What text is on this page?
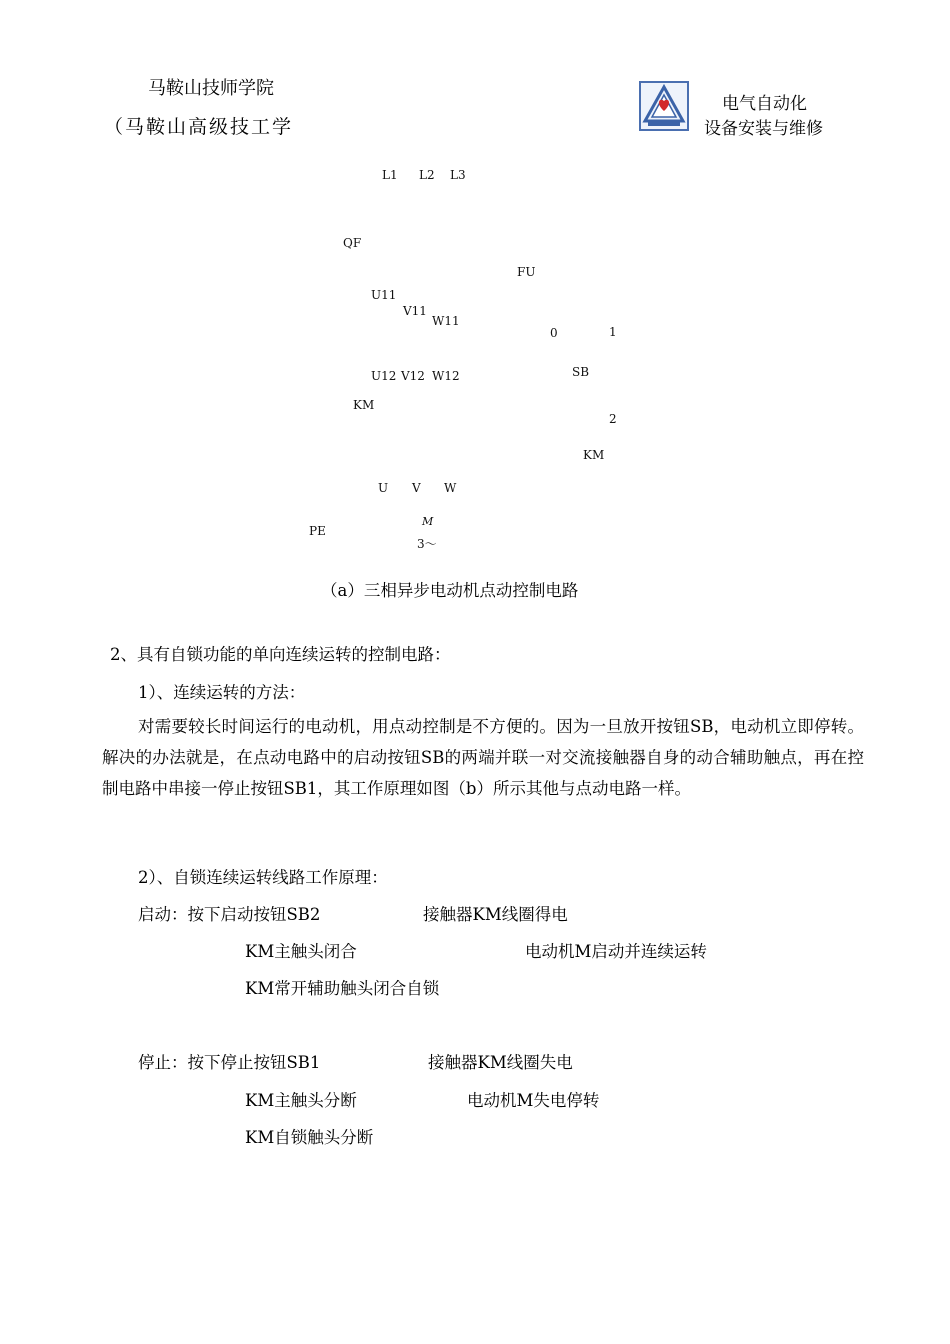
马鞍山技师学院
（马鞍山高级技工学
电气自动化
设备安装与维修
L1 L2 L3
QF
FU
U11
V11
W11
0	1
SB
U12 V12 W12
KM
2
KM
U V W
M
PE
3～
（a）三相异步电动机点动控制电路
2、具有自锁功能的单向连续运转的控制电路：
1）、连续运转的方法：
对需要较长时间运行的电动机，用点动控制是不方便的。因为一旦放开按钮SB，电动机立即停转。解决的办法就是，在点动电路中的启动按钮SB的两端并联一对交流接触器自身的动合辅助触点，再在控制电路中串接一停止按钮SB1，其工作原理如图（b）所示其他与点动电路一样。
2）、自锁连续运转线路工作原理：
启动：按下启动按钮SB2	接触器KM线圈得电
KM主触头闭合	电动机M启动并连续运转
KM常开辅助触头闭合自锁
停止：按下停止按钮SB1	接触器KM线圈失电
KM主触头分断	电动机M失电停转
KM自锁触头分断
